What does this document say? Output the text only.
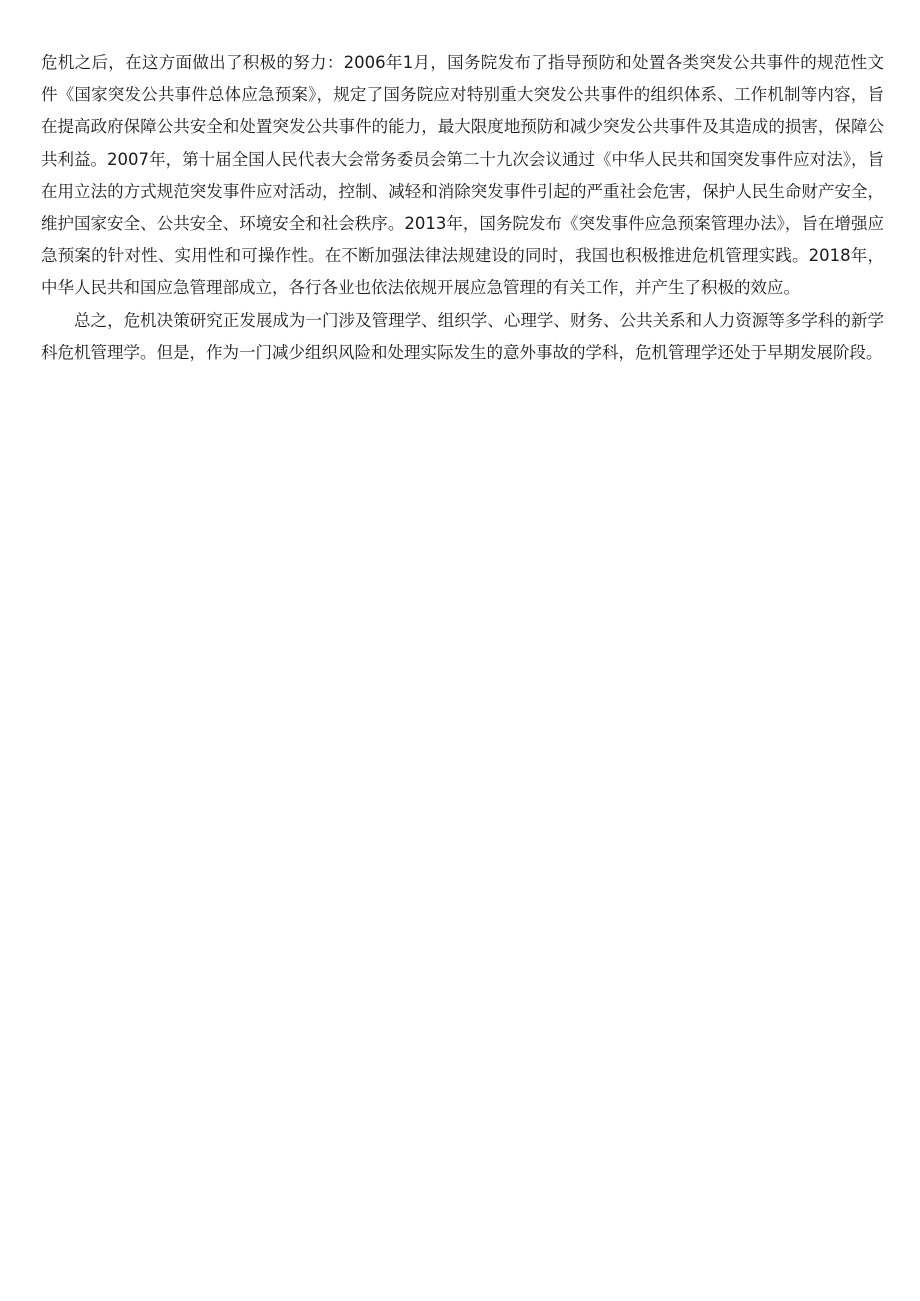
危机之后，在这方面做出了积极的努力：2006年1月，国务院发布了指导预防和处置各类突发公共事件的规范性文件《国家突发公共事件总体应急预案》，规定了国务院应对特别重大突发公共事件的组织体系、工作机制等内容，旨在提高政府保障公共安全和处置突发公共事件的能力，最大限度地预防和减少突发公共事件及其造成的损害，保障公共利益。2007年，第十届全国人民代表大会常务委员会第二十九次会议通过《中华人民共和国突发事件应对法》，旨在用立法的方式规范突发事件应对活动，控制、减轻和消除突发事件引起的严重社会危害，保护人民生命财产安全，维护国家安全、公共安全、环境安全和社会秩序。2013年，国务院发布《突发事件应急预案管理办法》，旨在增强应急预案的针对性、实用性和可操作性。在不断加强法律法规建设的同时，我国也积极推进危机管理实践。2018年，中华人民共和国应急管理部成立，各行各业也依法依规开展应急管理的有关工作，并产生了积极的效应。

总之，危机决策研究正发展成为一门涉及管理学、组织学、心理学、财务、公共关系和人力资源等多学科的新学科危机管理学。但是，作为一门减少组织风险和处理实际发生的意外事故的学科，危机管理学还处于早期发展阶段。
